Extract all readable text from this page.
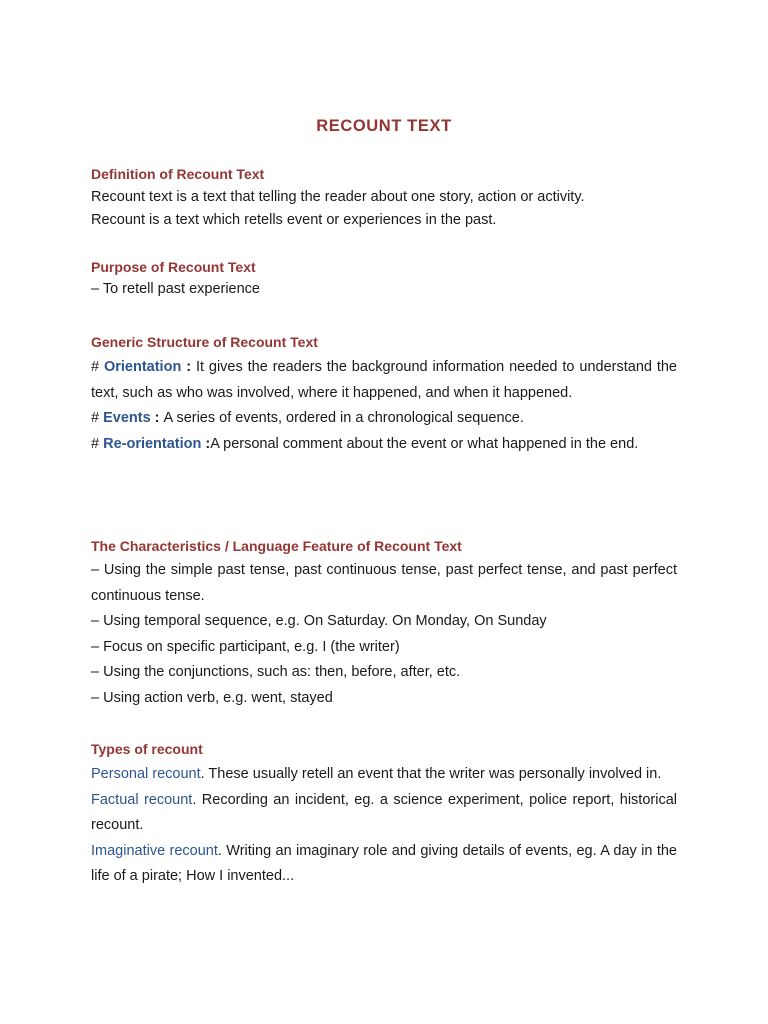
RECOUNT TEXT
Definition of Recount Text

Recount text is a text that telling the reader about one story, action or activity.

Recount is a text which retells event or experiences in the past.

Purpose of Recount Text

– To retell past experience

Generic Structure of Recount Text

# Orientation : It gives the readers the background information needed to understand the text, such as who was involved, where it happened, and when it happened.

# Events : A series of events, ordered in a chronological sequence.

# Re-orientation :A personal comment about the event or what happened in the end.

The Characteristics / Language Feature of Recount Text

– Using the simple past tense, past continuous tense, past perfect tense, and past perfect continuous tense.

– Using temporal sequence, e.g. On Saturday. On Monday, On Sunday

– Focus on specific participant, e.g. I (the writer)

– Using the conjunctions, such as: then, before, after, etc.

– Using action verb, e.g. went, stayed

Types of recount

Personal recount. These usually retell an event that the writer was personally involved in.

Factual recount. Recording an incident, eg. a science experiment, police report, historical recount.

Imaginative recount. Writing an imaginary role and giving details of events, eg. A day in the life of a pirate; How I invented...
